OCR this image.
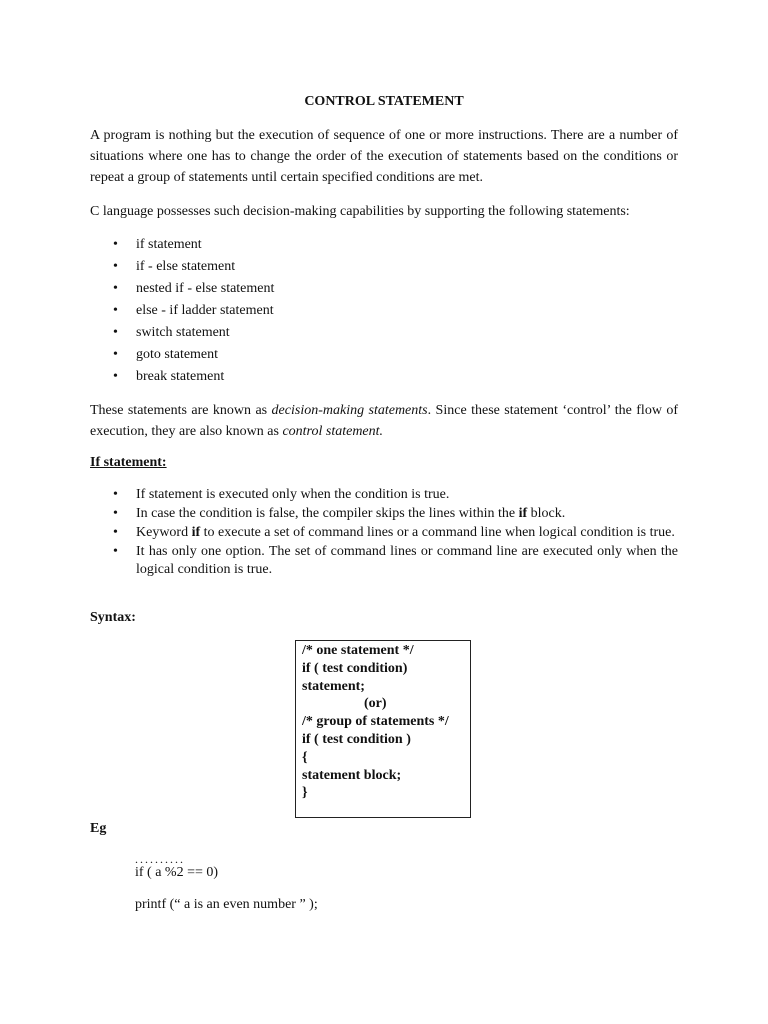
CONTROL STATEMENT

A program is nothing but the execution of sequence of one or more instructions. There are a number of situations where one has to change the order of the execution of statements based on the conditions or repeat a group of statements until certain specified conditions are met.

C language possesses such decision-making capabilities by supporting the following statements:

• if statement
• if - else statement
• nested if - else statement
• else - if ladder statement
• switch statement
• goto statement
• break statement

These statements are known as decision-making statements. Since these statement ‘control’ the flow of execution, they are also known as control statement.

If statement:

• If statement is executed only when the condition is true.
• In case the condition is false, the compiler skips the lines within the if block.
• Keyword if to execute a set of command lines or a command line when logical condition is true.
• It has only one option. The set of command lines or command line are executed only when the logical condition is true.

Syntax:

/* one statement */
if ( test condition)
statement;
(or)
/* group of statements */
if ( test condition )
{
statement block;
}

Eg

..........

if ( a %2 == 0)

printf (“ a is an even number ” );
